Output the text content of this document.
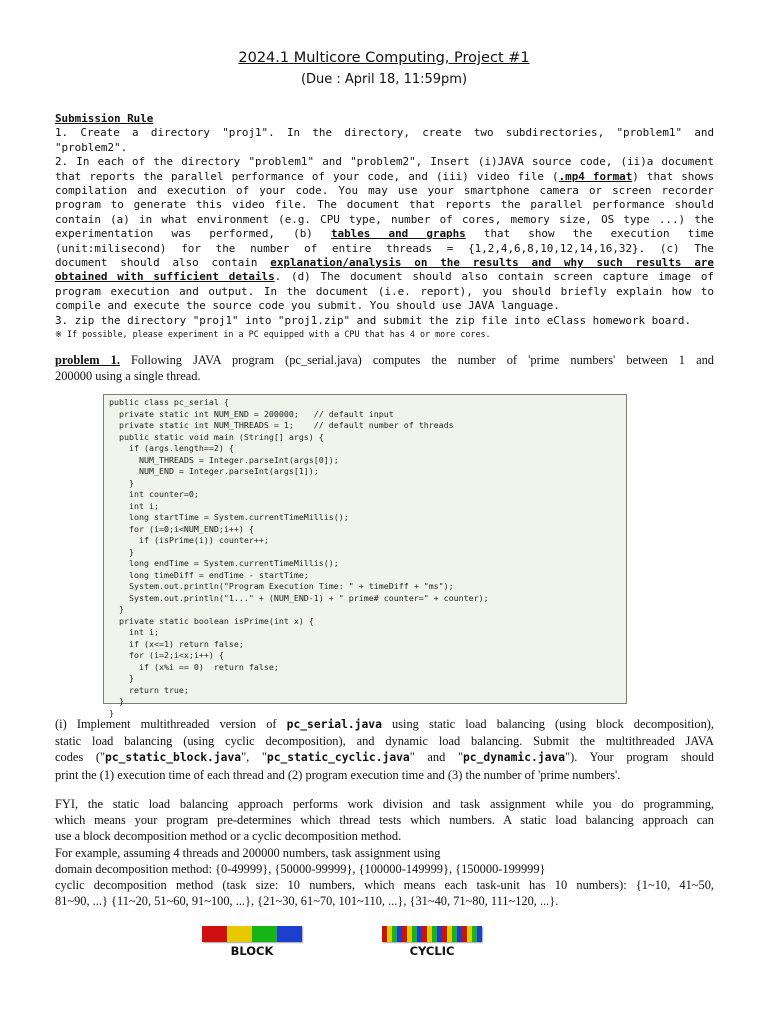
2024.1 Multicore Computing, Project #1
(Due : April 18, 11:59pm)
Submission Rule
1. Create a directory "proj1". In the directory, create two subdirectories, "problem1" and
"problem2".
2. In each of the directory "problem1" and "problem2", Insert (i)JAVA source code, (ii)a document
that reports the parallel performance of your code, and (iii) video file (.mp4 format) that shows
compilation and execution of your code. You may use your smartphone camera or screen recorder
program to generate this video file. The document that reports the parallel performance should
contain (a) in what environment (e.g. CPU type, number of cores, memory size, OS type ...) the
experimentation was performed, (b) tables and graphs that show the execution time
(unit:milisecond) for the number of entire threads = {1,2,4,6,8,10,12,14,16,32}. (c) The
document should also contain explanation/analysis on the results and why such results are
obtained with sufficient details. (d) The document should also contain screen capture image of
program execution and output. In the document (i.e. report), you should briefly explain how to
compile and execute the source code you submit. You should use JAVA language.
3. zip the directory "proj1" into "proj1.zip" and submit the zip file into eClass homework board.
※ If possible, please experiment in a PC equipped with a CPU that has 4 or more cores.
problem 1. Following JAVA program (pc_serial.java) computes the number of 'prime numbers' between 1 and
200000 using a single thread.
public class pc_serial {
private static int NUM_END = 200000;   // default input
private static int NUM_THREADS = 1;    // default number of threads
public static void main (String[] args) {
if (args.length==2) {
NUM_THREADS = Integer.parseInt(args[0]);
NUM_END = Integer.parseInt(args[1]);
}
int counter=0;
int i;
long startTime = System.currentTimeMillis();
for (i=0;i<NUM_END;i++) {
if (isPrime(i)) counter++;
}
long endTime = System.currentTimeMillis();
long timeDiff = endTime - startTime;
System.out.println("Program Execution Time: " + timeDiff + "ms");
System.out.println("1..." + (NUM_END-1) + " prime# counter=" + counter);
}
private static boolean isPrime(int x) {
int i;
if (x<=1) return false;
for (i=2;i<x;i++) {
if (x%i == 0)  return false;
}
return true;
}
}
(i) Implement multithreaded version of pc_serial.java using static load balancing (using block decomposition),
static load balancing (using cyclic decomposition), and dynamic load balancing. Submit the multithreaded JAVA
codes ("pc_static_block.java", "pc_static_cyclic.java" and "pc_dynamic.java"). Your program should
print the (1) execution time of each thread and (2) program execution time and (3) the number of 'prime numbers'.
FYI, the static load balancing approach performs work division and task assignment while you do programming,
which means your program pre-determines which thread tests which numbers. A static load balancing approach can
use a block decomposition method or a cyclic decomposition method.
For example, assuming 4 threads and 200000 numbers, task assignment using
domain decomposition method: {0-49999}, {50000-99999}, {100000-149999}, {150000-199999}
cyclic decomposition method (task size: 10 numbers, which means each task-unit has 10 numbers): {1~10, 41~50,
81~90, ...} {11~20, 51~60, 91~100, ...}, {21~30, 61~70, 101~110, ...}, {31~40, 71~80, 111~120, ...}.
BLOCK	CYCLIC
